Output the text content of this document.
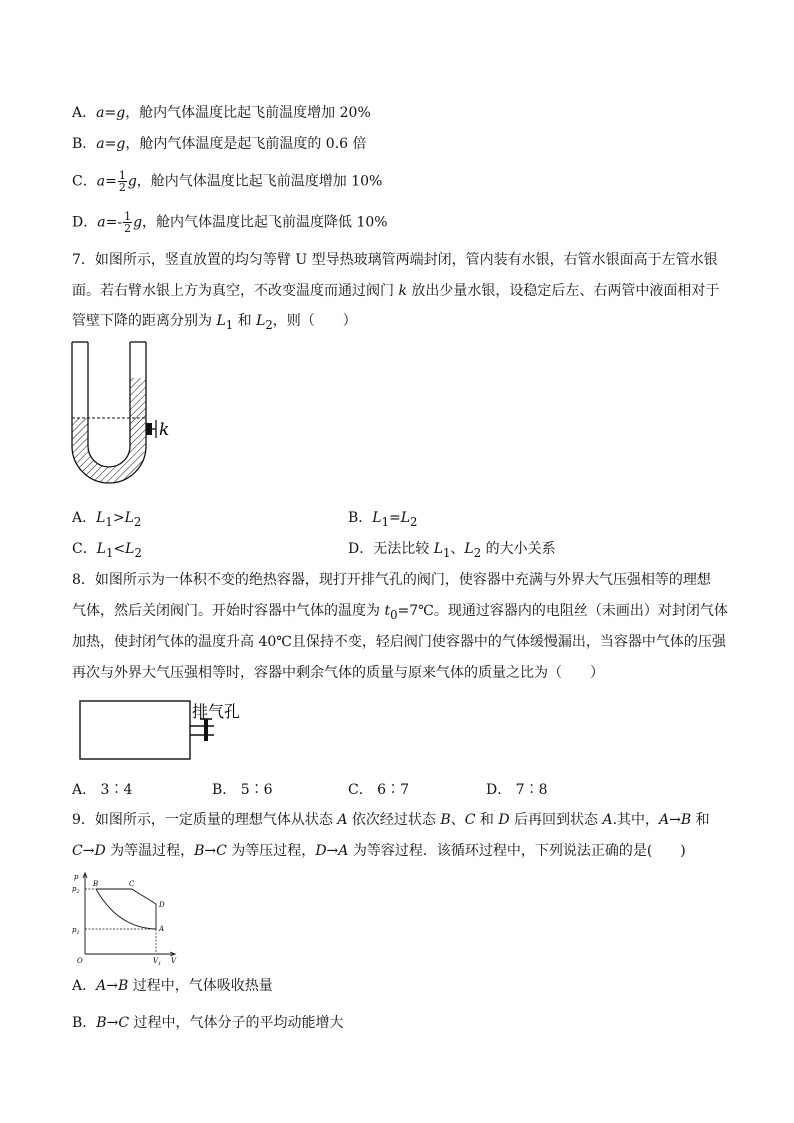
A．a=g，舱内气体温度比起飞前温度增加 20%
B．a=g，舱内气体温度是起飞前温度的 0.6 倍
C．$a= \frac{1}{2}$ g，舱内气体温度比起飞前温度增加 10%
D．$a=- \frac{1}{2}$ g，舱内气体温度比起飞前温度降低 10%
7．如图所示，竖直放置的均匀等臂 U 型导热玻璃管两端封闭，管内装有水银，右管水银面高于左管水银
面。若右臂水银上方为真空，不改变温度而通过阀门 k 放出少量水银，设稳定后左、右两管中液面相对于
管壁下降的距离分别为 $L_1$ 和 $L_2$，则（　　）
k
A．$L_1>L_2$	B．$L_1=L_2$
C．$L_1<L_2$	D．无法比较 $L_1$、$L_2$ 的大小关系
8．如图所示为一体积不变的绝热容器，现打开排气孔的阀门，使容器中充满与外界大气压强相等的理想
气体，然后关闭阀门。开始时容器中气体的温度为 $t_0=7℃$。现通过容器内的电阻丝（未画出）对封闭气体
加热，使封闭气体的温度升高 40℃且保持不变，轻启阀门使容器中的气体缓慢漏出，当容器中气体的压强
再次与外界大气压强相等时，容器中剩余气体的质量与原来气体的质量之比为（　　）
排气孔
A． 3∶4	B． 5∶6	C． 6∶7	D． 7∶8
9．如图所示，一定质量的理想气体从状态 A 依次经过状态 B、C 和 D 后再回到状态 A.其中，A→B 和
C→D 为等温过程，B→C 为等压过程，D→A 为等容过程．该循环过程中，下列说法正确的是(　　)
p
V
O
$p_2$
$p_1$
$V_1$
B	C
D
A
A．A→B 过程中，气体吸收热量
B．B→C 过程中，气体分子的平均动能增大
